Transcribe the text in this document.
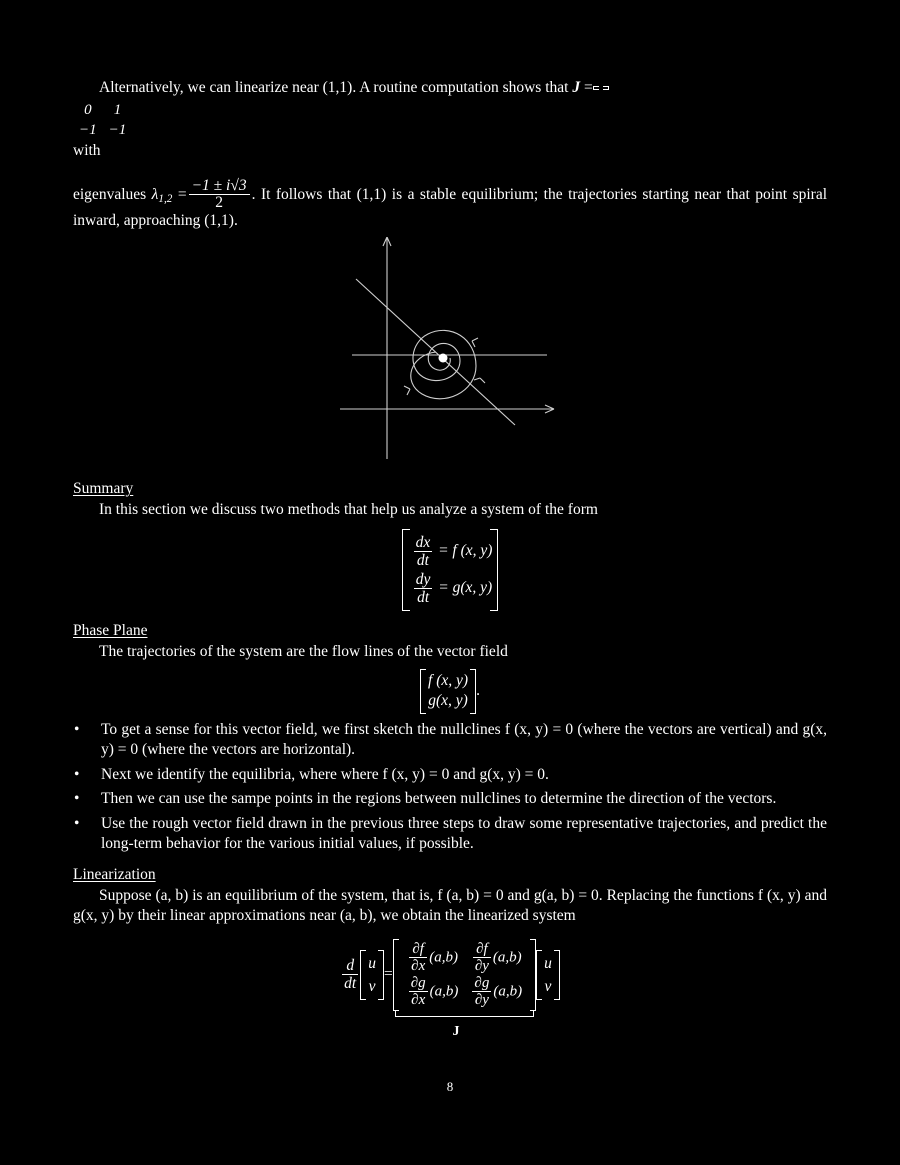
Alternatively, we can linearize near (1,1). A routine computation shows that J =

0	1
−1	−1
with

eigenvalues $\lambda_{1,2} = \frac{-1 \pm i√3}{2}$ . It follows that (1,1) is a stable equilibrium; the trajectories starting near that point spiral inward, approaching (1,1).

Summary

In this section we discuss two methods that help us analyze a system of the form

$\frac{dx}{dt} = f$ (x, y)
$\frac{dy}{dt} = g(x$, y)

Phase Plane

The trajectories of the system are the flow lines of the vector field

f (x, y)
g(x, y)
.
• To get a sense for this vector field, we first sketch the nullclines f (x, y) = 0 (where the vectors are vertical) and g(x, y) = 0 (where the vectors are horizontal).
• Next we identify the equilibria, where where f (x, y) = 0 and g(x, y) = 0.
• Then we can use the sampe points in the regions between nullclines to determine the direction of the vectors.
• Use the rough vector field drawn in the previous three steps to draw some representative trajectories, and predict the long-term behavior for the various initial values, if possible.

Linearization

Suppose (a, b) is an equilibrium of the system, that is, f (a, b) = 0 and g(a, b) = 0. Replacing the functions f (x, y) and g(x, y) by their linear approximations near (a, b), we obtain the linearized system

$\frac{d}{dt}$ u
v
= $\frac{\partial f}{\partial x} (a,b)$	$\frac{\partial f}{\partial y} (a,b)$

$\frac{\partial g}{\partial x} (a,b)$	$\frac{\partial g}{\partial y} (a,b)$
u
v
J
8
